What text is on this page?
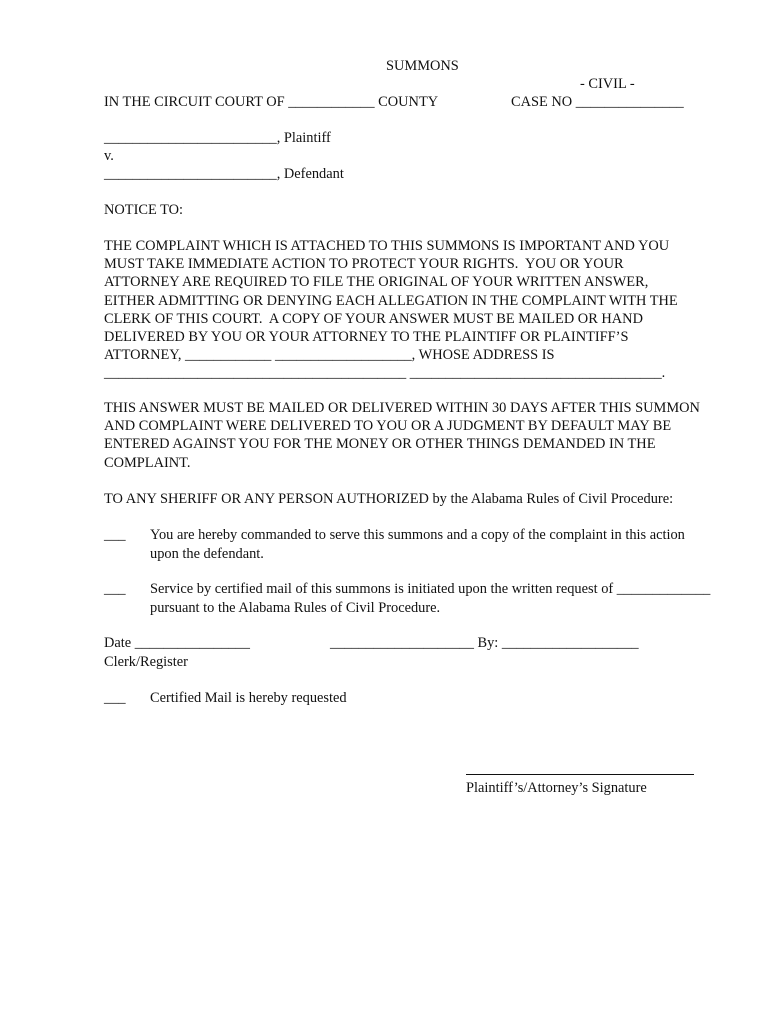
SUMMONS
- CIVIL -
IN THE CIRCUIT COURT OF ____________ COUNTY	CASE NO _______________
________________________, Plaintiff
v.
________________________, Defendant
NOTICE TO:
THE COMPLAINT WHICH IS ATTACHED TO THIS SUMMONS IS IMPORTANT AND YOU
MUST TAKE IMMEDIATE ACTION TO PROTECT YOUR RIGHTS.  YOU OR YOUR
ATTORNEY ARE REQUIRED TO FILE THE ORIGINAL OF YOUR WRITTEN ANSWER,
EITHER ADMITTING OR DENYING EACH ALLEGATION IN THE COMPLAINT WITH THE
CLERK OF THIS COURT.  A COPY OF YOUR ANSWER MUST BE MAILED OR HAND
DELIVERED BY YOU OR YOUR ATTORNEY TO THE PLAINTIFF OR PLAINTIFF’S
ATTORNEY, ____________ ___________________, WHOSE ADDRESS IS
__________________________________________ ___________________________________.
THIS ANSWER MUST BE MAILED OR DELIVERED WITHIN 30 DAYS AFTER THIS SUMMON
AND COMPLAINT WERE DELIVERED TO YOU OR A JUDGMENT BY DEFAULT MAY BE
ENTERED AGAINST YOU FOR THE MONEY OR OTHER THINGS DEMANDED IN THE
COMPLAINT.
TO ANY SHERIFF OR ANY PERSON AUTHORIZED by the Alabama Rules of Civil Procedure:
___ You are hereby commanded to serve this summons and a copy of the complaint in this action
upon the defendant.
___ Service by certified mail of this summons is initiated upon the written request of _____________
pursuant to the Alabama Rules of Civil Procedure.
Date ________________	____________________ By: ___________________
Clerk/Register
___ Certified Mail is hereby requested
Plaintiff’s/Attorney’s Signature
